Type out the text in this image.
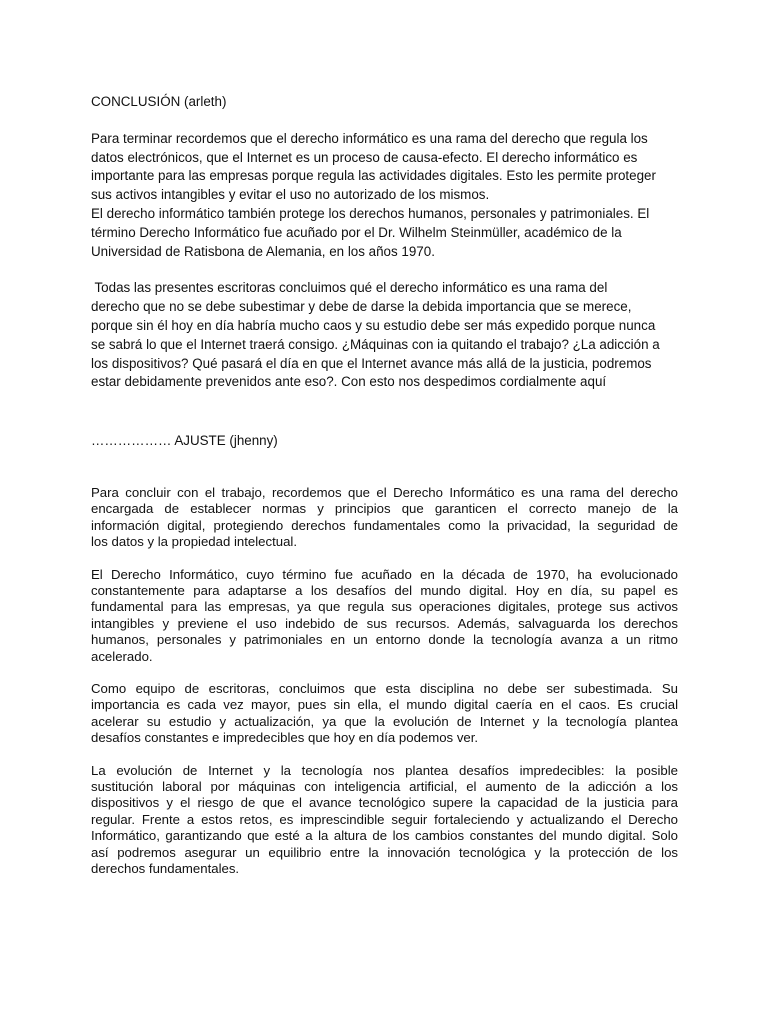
CONCLUSIÓN (arleth)

Para terminar recordemos que el derecho informático es una rama del derecho que regula los

datos electrónicos, que el Internet es un proceso de causa-efecto. El derecho informático es

importante para las empresas porque regula las actividades digitales. Esto les permite proteger

sus activos intangibles y evitar el uso no autorizado de los mismos.

El derecho informático también protege los derechos humanos, personales y patrimoniales. El

término Derecho Informático fue acuñado por el Dr. Wilhelm Steinmüller, académico de la

Universidad de Ratisbona de Alemania, en los años 1970.

Todas las presentes escritoras concluimos qué el derecho informático es una rama del

derecho que no se debe subestimar y debe de darse la debida importancia que se merece,

porque sin él hoy en día habría mucho caos y su estudio debe ser más expedido porque nunca

se sabrá lo que el Internet traerá consigo. ¿Máquinas con ia quitando el trabajo? ¿La adicción a

los dispositivos? Qué pasará el día en que el Internet avance más allá de la justicia, podremos

estar debidamente prevenidos ante eso?. Con esto nos despedimos cordialmente aquí

……………… AJUSTE (jhenny)

Para concluir con el trabajo, recordemos que el Derecho Informático es una rama del derecho
encargada de establecer normas y principios que garanticen el correcto manejo de la
información digital, protegiendo derechos fundamentales como la privacidad, la seguridad de
los datos y la propiedad intelectual.
El Derecho Informático, cuyo término fue acuñado en la década de 1970, ha evolucionado
constantemente para adaptarse a los desafíos del mundo digital. Hoy en día, su papel es
fundamental para las empresas, ya que regula sus operaciones digitales, protege sus activos
intangibles y previene el uso indebido de sus recursos. Además, salvaguarda los derechos
humanos, personales y patrimoniales en un entorno donde la tecnología avanza a un ritmo
acelerado.
Como equipo de escritoras, concluimos que esta disciplina no debe ser subestimada. Su
importancia es cada vez mayor, pues sin ella, el mundo digital caería en el caos. Es crucial
acelerar su estudio y actualización, ya que la evolución de Internet y la tecnología plantea
desafíos constantes e impredecibles que hoy en día podemos ver.
La evolución de Internet y la tecnología nos plantea desafíos impredecibles: la posible
sustitución laboral por máquinas con inteligencia artificial, el aumento de la adicción a los
dispositivos y el riesgo de que el avance tecnológico supere la capacidad de la justicia para
regular. Frente a estos retos, es imprescindible seguir fortaleciendo y actualizando el Derecho
Informático, garantizando que esté a la altura de los cambios constantes del mundo digital. Solo
así podremos asegurar un equilibrio entre la innovación tecnológica y la protección de los
derechos fundamentales.
